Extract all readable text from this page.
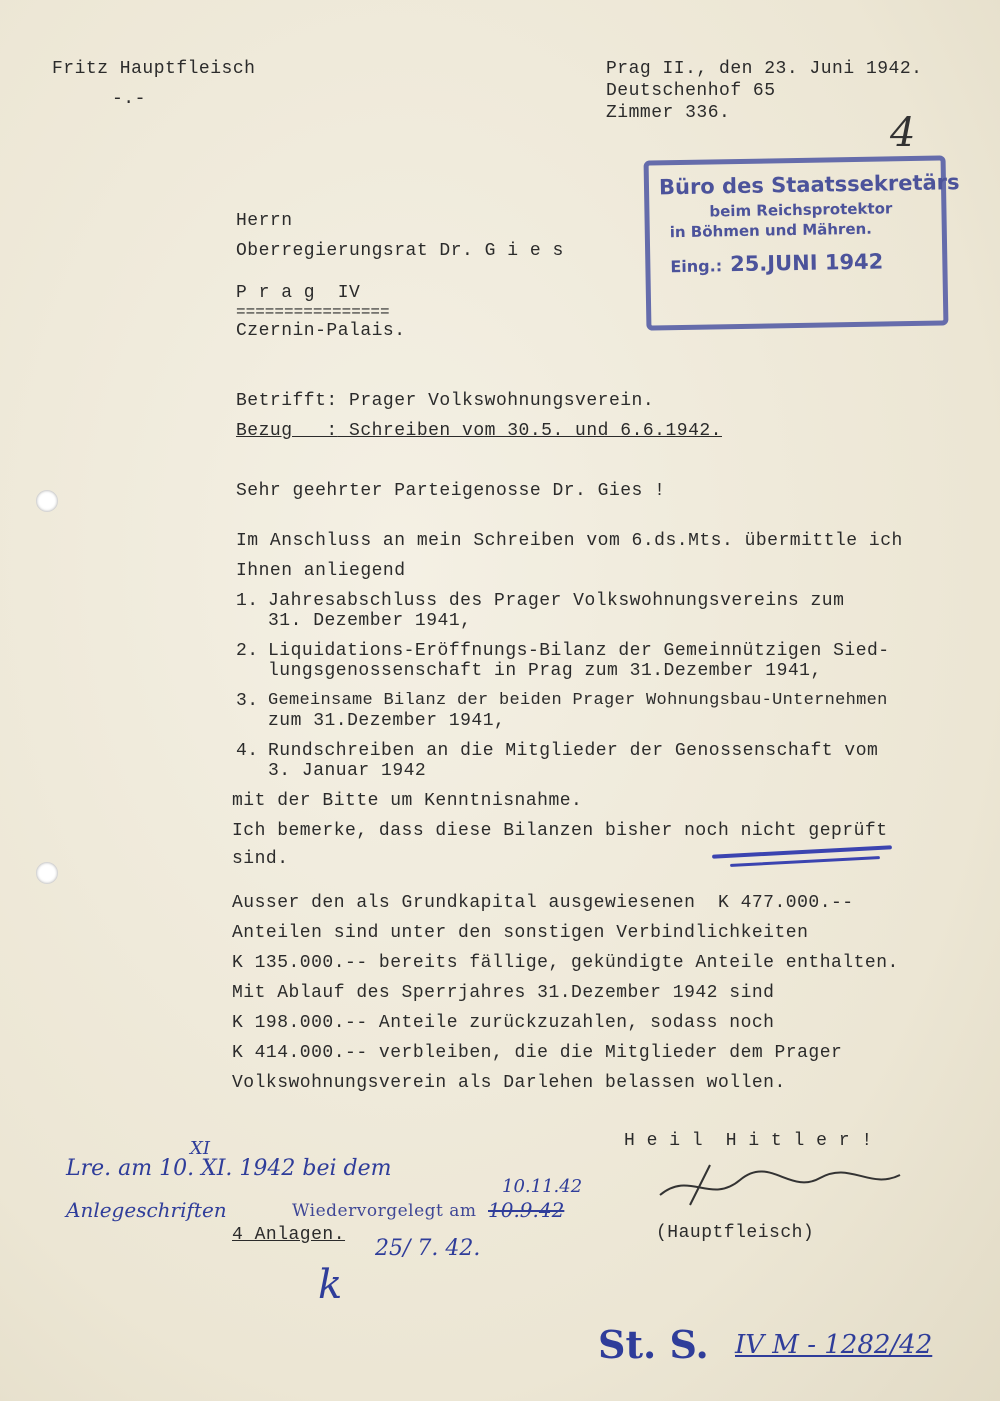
Fritz Hauptfleisch
-.-
Prag II., den 23. Juni 1942.
Deutschenhof 65
Zimmer 336.	4
Büro des Staatssekretärs
beim Reichsprotektor
in Böhmen und Mähren.
Eing.: 25.JUNI 1942
Herrn
Oberregierungsrat Dr. G i e s
P r a g  IV
================
Czernin-Palais.
Betrifft: Prager Volkswohnungsverein.
Bezug   : Schreiben vom 30.5. und 6.6.1942.
Sehr geehrter Parteigenosse Dr. Gies !
Im Anschluss an mein Schreiben vom 6.ds.Mts. übermittle ich
Ihnen anliegend
1. Jahresabschluss des Prager Volkswohnungsvereins zum
31. Dezember 1941,
2. Liquidations-Eröffnungs-Bilanz der Gemeinnützigen Sied-
lungsgenossenschaft in Prag zum 31.Dezember 1941,
3. Gemeinsame Bilanz der beiden Prager Wohnungsbau-Unternehmen
zum 31.Dezember 1941,
4. Rundschreiben an die Mitglieder der Genossenschaft vom
3. Januar 1942
mit der Bitte um Kenntnisnahme.
Ich bemerke, dass diese Bilanzen bisher noch nicht geprüft
sind.
Ausser den als Grundkapital ausgewiesenen  K 477.000.--
Anteilen sind unter den sonstigen Verbindlichkeiten
K 135.000.-- bereits fällige, gekündigte Anteile enthalten.
Mit Ablauf des Sperrjahres 31.Dezember 1942 sind
K 198.000.-- Anteile zurückzuzahlen, sodass noch
K 414.000.-- verbleiben, die die Mitglieder dem Prager
Volkswohnungsverein als Darlehen belassen wollen.
H e i l  H i t l e r !
(Hauptfleisch)
4 Anlagen.
Lre. am 10. XI. 1942 bei dem
XI
Anlegeschriften	Wiedervorgelegt am 10.9.42
10.11.42
k
25/ 7. 42.
St. S. IV M - 1282/42
